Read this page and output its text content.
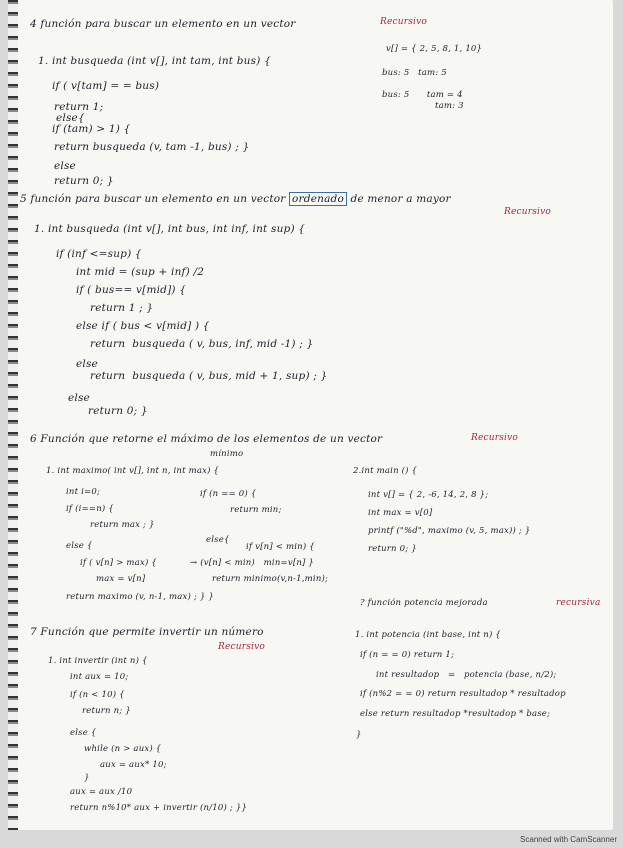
4 función para buscar un elemento en un vector	Recursivo
1. int busqueda (int v[], int tam, int bus) {
if ( v[tam] = = bus)
return 1;
else{
if (tam) > 1) {
return busqueda (v, tam -1, bus) ; }
else
return 0; }
v[] = { 2, 5, 8, 1, 10}
bus: 5   tam: 5
bus: 5      tam = 4
tam: 3
5 función para buscar un elemento en un vector ordenado de menor a mayor
Recursivo
1. int busqueda (int v[], int bus, int inf, int sup) {
if (inf <=sup) {
int mid = (sup + inf) /2
if ( bus== v[mid]) {
return 1 ; }
else if ( bus < v[mid] ) {
return  busqueda ( v, bus, inf, mid -1) ; }
else
return  busqueda ( v, bus, mid + 1, sup) ; }
else
return 0; }
6 Función que retorne el máximo de los elementos de un vector	Recursivo
mínimo
1. int maximo( int v[], int n, int max) {
int i=0;
if (i==n) {
return max ; }
else {
if ( v[n] > max) {
max = v[n]
return maximo (v, n-1, max) ; } }
if (n == 0) {
return min;
else{
if v[n] < min) {
→ (v[n] < min)   min=v[n] }
return minimo(v,n-1,min);
2.int main () {
int v[] = { 2, -6, 14, 2, 8 };
int max = v[0]
printf ("%d", maximo (v, 5, max)) ; }
return 0; }
7 Función que permite invertir un número
Recursivo
1. int invertir (int n) {
int aux = 10;
if (n < 10) {
return n; }
else {
while (n > aux) {
aux = aux* 10;
}
aux = aux /10
return n%10* aux + invertir (n/10) ; }}
? función potencia mejorada	recursiva
1. int potencia (int base, int n) {
if (n = = 0) return 1;
int resultadop   =   potencia (base, n/2);
if (n%2 = = 0) return resultadop * resultadop
else return resultadop *resultadop * base;
}
Scanned with CamScanner
